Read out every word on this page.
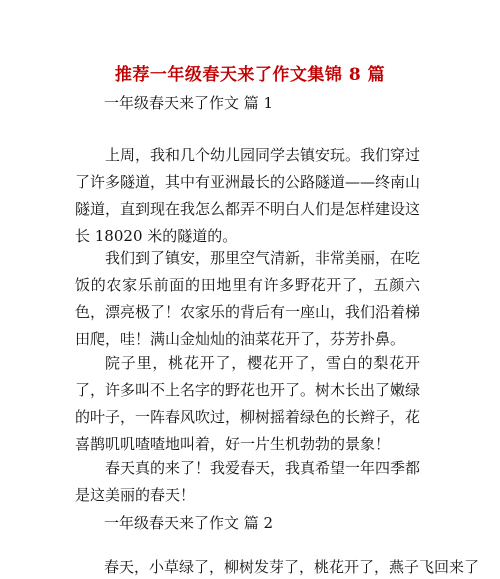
推荐一年级春天来了作文集锦 8 篇
一年级春天来了作文 篇 1

上周，我和几个幼儿园同学去镇安玩。我们穿过了许多隧道，其中有亚洲最长的公路隧道——终南山隧道，直到现在我怎么都弄不明白人们是怎样建设这长 18020 米的隧道的。

我们到了镇安，那里空气清新，非常美丽，在吃饭的农家乐前面的田地里有许多野花开了，五颜六色，漂亮极了！农家乐的背后有一座山，我们沿着梯田爬，哇！满山金灿灿的油菜花开了，芬芳扑鼻。

院子里，桃花开了，樱花开了，雪白的梨花开了，许多叫不上名字的野花也开了。树木长出了嫩绿的叶子，一阵春风吹过，柳树摇着绿色的长辫子，花喜鹊叽叽喳喳地叫着，好一片生机勃勃的景象！

春天真的来了！我爱春天，我真希望一年四季都是这美丽的春天！

一年级春天来了作文 篇 2
春天，小草绿了，柳树发芽了，桃花开了，燕子飞回来了
